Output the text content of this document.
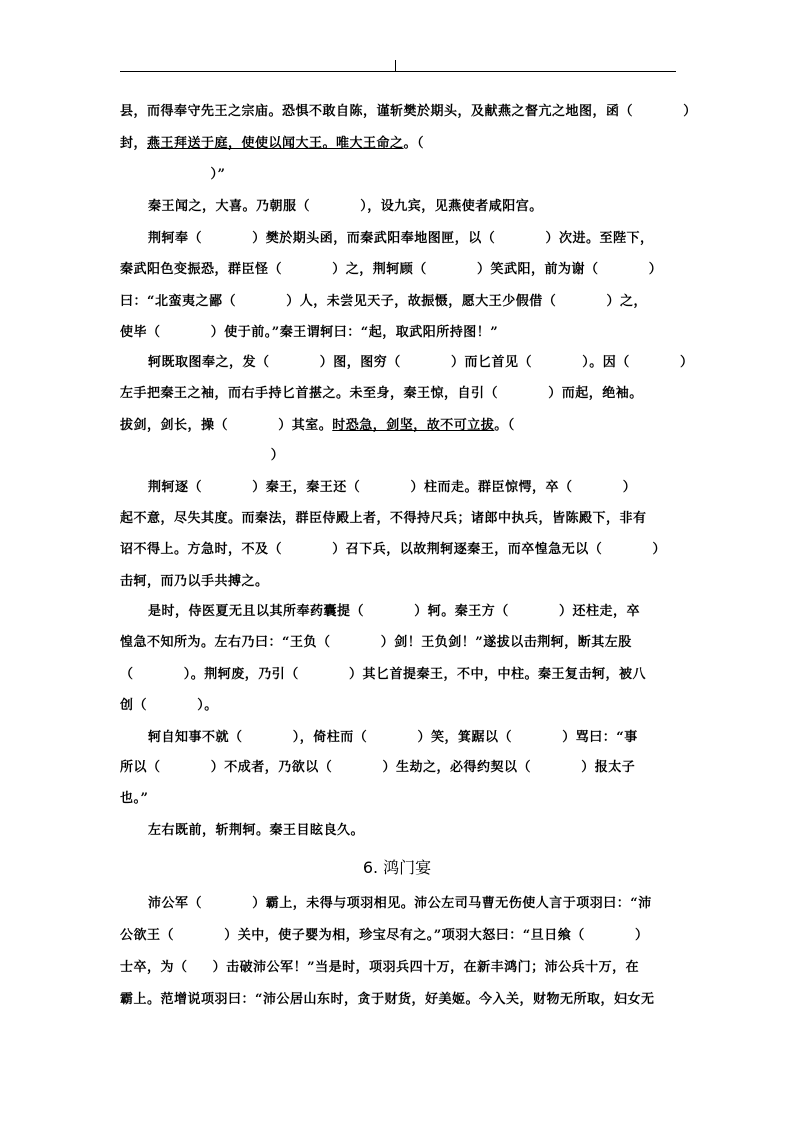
县，而得奉守先王之宗庙。恐惧不敢自陈，谨斩樊於期头，及献燕之督亢之地图，函（          ）
封，燕王拜送于庭，使使以闻大王。唯大王命之。（
）”
秦王闻之，大喜。乃朝服（          ），设九宾，见燕使者咸阳宫。
荆轲奉（          ）樊於期头函，而秦武阳奉地图匣，以（          ）次进。至陛下，
秦武阳色变振恐，群臣怪（          ）之，荆轲顾（          ）笑武阳，前为谢（          ）
曰：“北蛮夷之鄙（          ）人，未尝见天子，故振慑，愿大王少假借（          ）之，
使毕（          ）使于前。”秦王谓轲曰：“起，取武阳所持图！”
轲既取图奉之，发（          ）图，图穷（          ）而匕首见（          ）。因（          ）
左手把秦王之袖，而右手持匕首揕之。未至身，秦王惊，自引（          ）而起，绝袖。
拔剑，剑长，操（          ）其室。时恐急，剑坚，故不可立拔。（
）
荆轲逐（          ）秦王，秦王还（          ）柱而走。群臣惊愕，卒（          ）
起不意，尽失其度。而秦法，群臣侍殿上者，不得持尺兵；诸郎中执兵，皆陈殿下，非有
诏不得上。方急时，不及（          ）召下兵，以故荆轲逐秦王，而卒惶急无以（          ）
击轲，而乃以手共搏之。
是时，侍医夏无且以其所奉药囊提（          ）轲。秦王方（          ）还柱走，卒
惶急不知所为。左右乃曰：“王负（          ）剑！王负剑！”遂拔以击荆轲，断其左股
（          ）。荆轲废，乃引（          ）其匕首提秦王，不中，中柱。秦王复击轲，被八
创（          ）。
轲自知事不就（          ），倚柱而（          ）笑，箕踞以（          ）骂曰：“事
所以（          ）不成者，乃欲以（          ）生劫之，必得约契以（          ）报太子
也。”
左右既前，斩荆轲。秦王目眩良久。
6. 鸿门宴
沛公军（          ）霸上，未得与项羽相见。沛公左司马曹无伤使人言于项羽曰：“沛
公欲王（          ）关中，使子婴为相，珍宝尽有之。”项羽大怒曰：“旦日飨（          ）
士卒，为（     ）击破沛公军！”当是时，项羽兵四十万，在新丰鸿门；沛公兵十万，在
霸上。范增说项羽曰：“沛公居山东时，贪于财货，好美姬。今入关，财物无所取，妇女无
